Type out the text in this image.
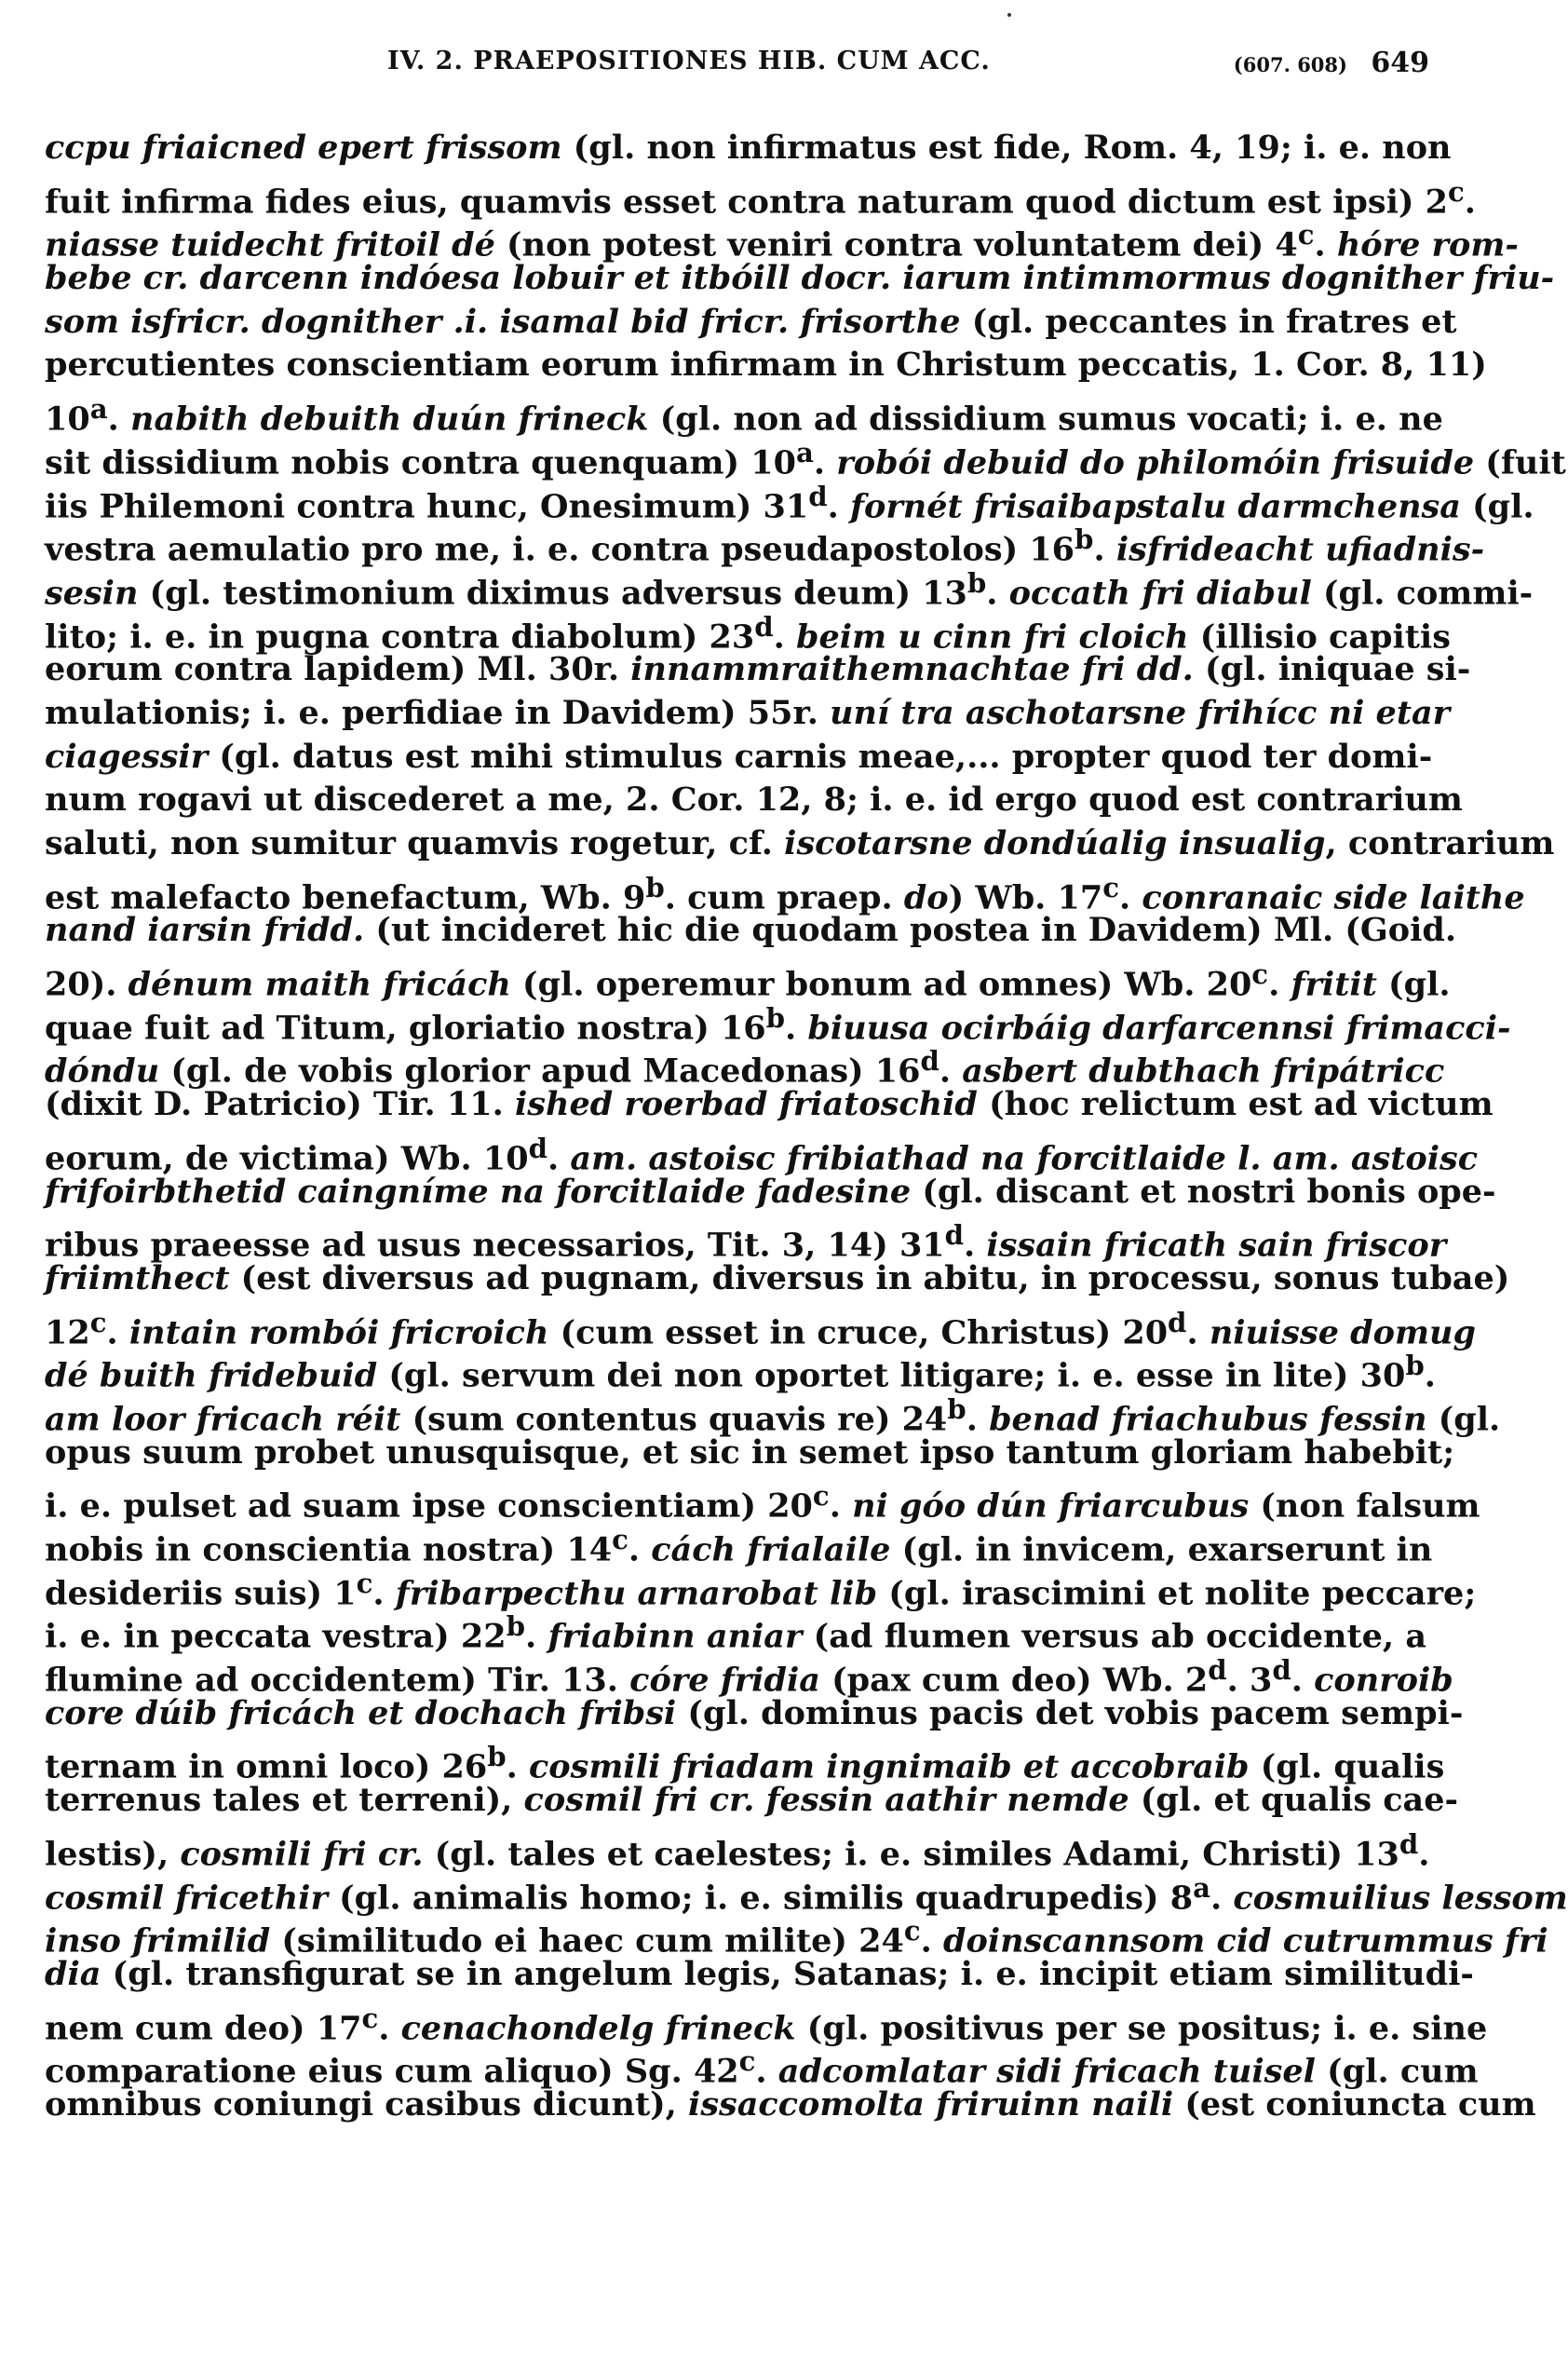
IV. 2. PRAEPOSITIONES HIB. CUM ACC.	(607. 608) 649
ccpu friaicned epert frissom (gl. non infirmatus est fide, Rom. 4, 19; i. e. non
fuit infirma fides eius, quamvis esset contra naturam quod dictum est ipsi) 2$^c$.
niasse tuidecht fritoil dé (non potest veniri contra voluntatem dei) 4$^c$. hóre rom-
bebe cr. darcenn indóesa lobuir et itbóill docr. iarum intimmormus dognither friu-
som isfricr. dognither .i. isamal bid fricr. frisorthe (gl. peccantes in fratres et
percutientes conscientiam eorum infirmam in Christum peccatis, 1. Cor. 8, 11)
10$^a$. nabith debuith duún frineck (gl. non ad dissidium sumus vocati; i. e. ne
sit dissidium nobis contra quenquam) 10$^a$. robói debuid do philomóin frisuide (fuit
iis Philemoni contra hunc, Onesimum) 31$^d$. fornét frisaibapstalu darmchensa (gl.
vestra aemulatio pro me, i. e. contra pseudapostolos) 16$^b$. isfrideacht ufiadnis-
sesin (gl. testimonium diximus adversus deum) 13$^b$. occath fri diabul (gl. commi-
lito; i. e. in pugna contra diabolum) 23$^d$. beim u cinn fri cloich (illisio capitis
eorum contra lapidem) Ml. 30r. innammraithemnachtae fri dd. (gl. iniquae si-
mulationis; i. e. perfidiae in Davidem) 55r. uní tra aschotarsne frihícc ni etar
ciagessir (gl. datus est mihi stimulus carnis meae,... propter quod ter domi-
num rogavi ut discederet a me, 2. Cor. 12, 8; i. e. id ergo quod est contrarium
saluti, non sumitur quamvis rogetur, cf. iscotarsne dondúalig insualig, contrarium
est malefacto benefactum, Wb. 9$^b$. cum praep. do) Wb. 17$^c$. conranaic side laithe
nand iarsin fridd. (ut incideret hic die quodam postea in Davidem) Ml. (Goid.
20). dénum maith fricách (gl. operemur bonum ad omnes) Wb. 20$^c$. fritit (gl.
quae fuit ad Titum, gloriatio nostra) 16$^b$. biuusa ocirbáig darfarcennsi frimacci-
dóndu (gl. de vobis glorior apud Macedonas) 16$^d$. asbert dubthach fripátricc
(dixit D. Patricio) Tir. 11. ished roerbad friatoschid (hoc relictum est ad victum
eorum, de victima) Wb. 10$^d$. am. astoisc fribiathad na forcitlaide l. am. astoisc
frifoirbthetid caingníme na forcitlaide fadesine (gl. discant et nostri bonis ope-
ribus praeesse ad usus necessarios, Tit. 3, 14) 31$^d$. issain fricath sain friscor
friimthect (est diversus ad pugnam, diversus in abitu, in processu, sonus tubae)
12$^c$. intain rombói fricroich (cum esset in cruce, Christus) 20$^d$. niuisse domug
dé buith fridebuid (gl. servum dei non oportet litigare; i. e. esse in lite) 30$^b$.
am loor fricach réit (sum contentus quavis re) 24$^b$. benad friachubus fessin (gl.
opus suum probet unusquisque, et sic in semet ipso tantum gloriam habebit;
i. e. pulset ad suam ipse conscientiam) 20$^c$. ni góo dún friarcubus (non falsum
nobis in conscientia nostra) 14$^c$. cách frialaile (gl. in invicem, exarserunt in
desideriis suis) 1$^c$. fribarpecthu arnarobat lib (gl. irascimini et nolite peccare;
i. e. in peccata vestra) 22$^b$. friabinn aniar (ad flumen versus ab occidente, a
flumine ad occidentem) Tir. 13. córe fridia (pax cum deo) Wb. 2$^d$. 3$^d$. conroib
core dúib fricách et dochach fribsi (gl. dominus pacis det vobis pacem sempi-
ternam in omni loco) 26$^b$. cosmili friadam ingnimaib et accobraib (gl. qualis
terrenus tales et terreni), cosmil fri cr. fessin aathir nemde (gl. et qualis cae-
lestis), cosmili fri cr. (gl. tales et caelestes; i. e. similes Adami, Christi) 13$^d$.
cosmil fricethir (gl. animalis homo; i. e. similis quadrupedis) 8$^a$. cosmuilius lessom
inso frimilid (similitudo ei haec cum milite) 24$^c$. doinscannsom cid cutrummus fri
dia (gl. transfigurat se in angelum legis, Satanas; i. e. incipit etiam similitudi-
nem cum deo) 17$^c$. cenachondelg frineck (gl. positivus per se positus; i. e. sine
comparatione eius cum aliquo) Sg. 42$^c$. adcomlatar sidi fricach tuisel (gl. cum
omnibus coniungi casibus dicunt), issaccomolta friruinn naili (est coniuncta cum
